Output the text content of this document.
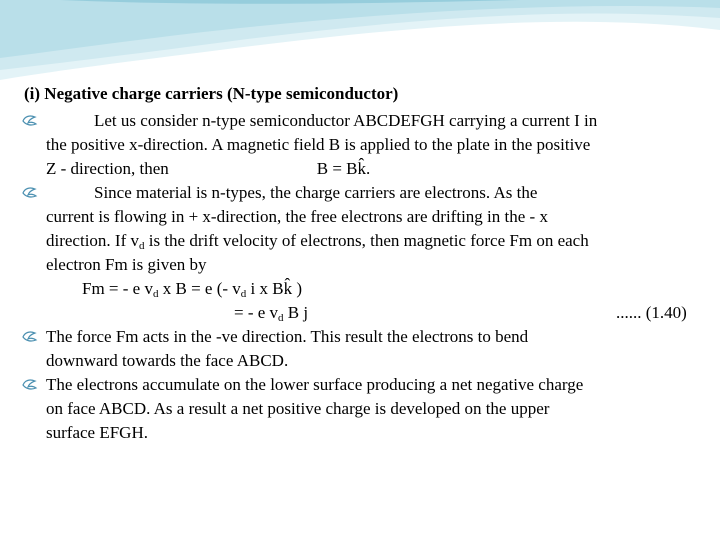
(i) Negative charge carriers (N-type semiconductor)
Let us consider n-type semiconductor ABCDEFGH carrying a current I in
the positive x-direction. A magnetic field B is applied to the plate in the positive
Z - direction, then	B = Bk̂.
Since material is n-types, the charge carriers are electrons. As the
current is flowing in + x-direction, the free electrons are drifting in the - x
direction. If $v_d$ is the drift velocity of electrons, then magnetic force Fm on each
electron Fm is given by
Fm = - e $v_d$ x B = e (- $v_d$ i x Bk̂ )
= - e $v_d$ B j	...... (1.40)
The force Fm acts in the -ve direction. This result the electrons to bend
downward towards the face ABCD.
The electrons accumulate on the lower surface producing a net negative charge
on face ABCD. As a result a net positive charge is developed on the upper
surface EFGH.
